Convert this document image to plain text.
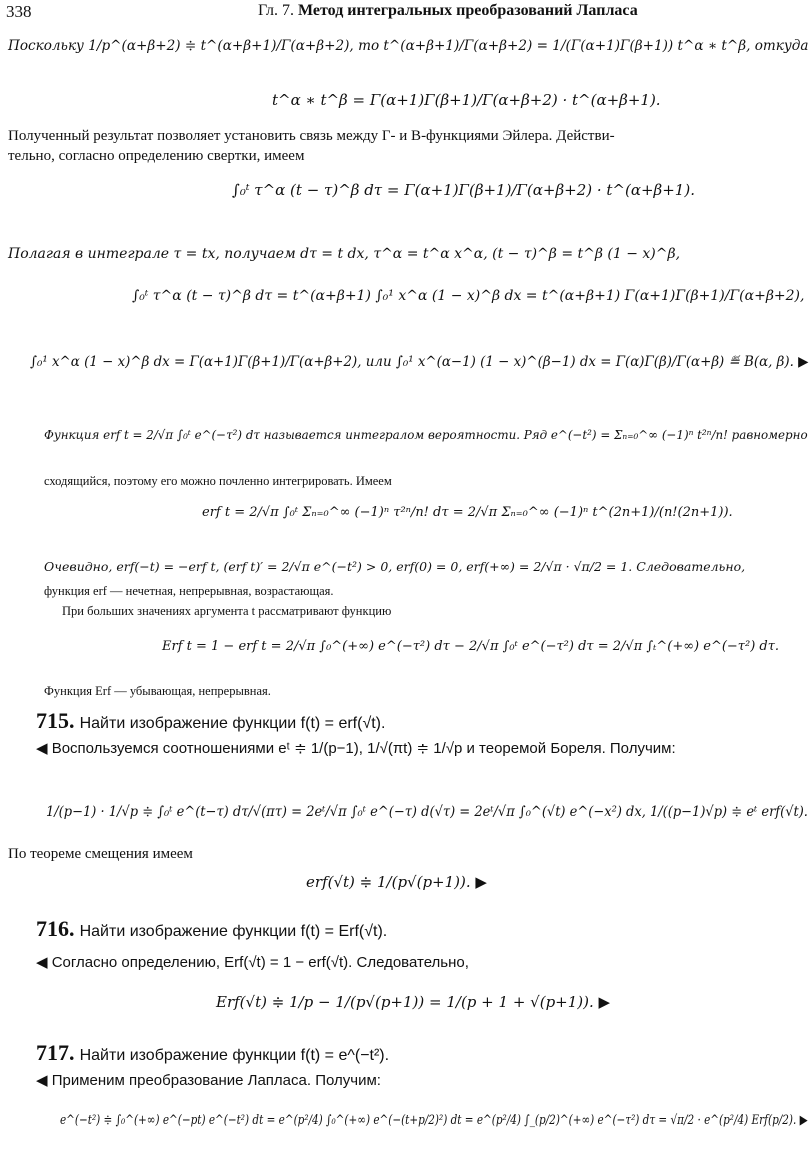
338	Гл. 7. Метод интегральных преобразований Лапласа
Поскольку 1/p^(α+β+2) ≑ t^(α+β+1)/Γ(α+β+2), то t^(α+β+1)/Γ(α+β+2) = 1/(Γ(α+1)Γ(β+1)) t^α ∗ t^β, откуда
t^α ∗ t^β = Γ(α+1)Γ(β+1)/Γ(α+β+2) · t^(α+β+1).
Полученный результат позволяет установить связь между Γ- и B-функциями Эйлера. Действи-
тельно, согласно определению свертки, имеем
∫₀ᵗ τ^α (t − τ)^β dτ = Γ(α+1)Γ(β+1)/Γ(α+β+2) · t^(α+β+1).
Полагая в интеграле τ = tx, получаем dτ = t dx, τ^α = t^α x^α, (t − τ)^β = t^β (1 − x)^β,
∫₀ᵗ τ^α (t − τ)^β dτ = t^(α+β+1) ∫₀¹ x^α (1 − x)^β dx = t^(α+β+1) Γ(α+1)Γ(β+1)/Γ(α+β+2),
∫₀¹ x^α (1 − x)^β dx = Γ(α+1)Γ(β+1)/Γ(α+β+2), или ∫₀¹ x^(α−1) (1 − x)^(β−1) dx = Γ(α)Γ(β)/Γ(α+β) ≝ B(α, β). ▶
Функция erf t = 2/√π ∫₀ᵗ e^(−τ²) dτ называется интегралом вероятности. Ряд e^(−t²) = Σₙ₌₀^∞ (−1)ⁿ t²ⁿ/n! равномерно
сходящийся, поэтому его можно почленно интегрировать. Имеем
erf t = 2/√π ∫₀ᵗ Σₙ₌₀^∞ (−1)ⁿ τ²ⁿ/n! dτ = 2/√π Σₙ₌₀^∞ (−1)ⁿ t^(2n+1)/(n!(2n+1)).
Очевидно, erf(−t) = −erf t, (erf t)′ = 2/√π e^(−t²) > 0, erf(0) = 0, erf(+∞) = 2/√π · √π/2 = 1. Следовательно,
функция erf — нечетная, непрерывная, возрастающая.
При больших значениях аргумента t рассматривают функцию
Erf t = 1 − erf t = 2/√π ∫₀^(+∞) e^(−τ²) dτ − 2/√π ∫₀ᵗ e^(−τ²) dτ = 2/√π ∫ₜ^(+∞) e^(−τ²) dτ.
Функция Erf — убывающая, непрерывная.
715. Найти изображение функции f(t) = erf(√t).
◀ Воспользуемся соотношениями eᵗ ≑ 1/(p−1), 1/√(πt) ≑ 1/√p и теоремой Бореля. Получим:
1/(p−1) · 1/√p ≑ ∫₀ᵗ e^(t−τ) dτ/√(πτ) = 2eᵗ/√π ∫₀ᵗ e^(−τ) d(√τ) = 2eᵗ/√π ∫₀^(√t) e^(−x²) dx, 1/((p−1)√p) ≑ eᵗ erf(√t).
По теореме смещения имеем
erf(√t) ≑ 1/(p√(p+1)). ▶
716. Найти изображение функции f(t) = Erf(√t).
◀ Согласно определению, Erf(√t) = 1 − erf(√t). Следовательно,
Erf(√t) ≑ 1/p − 1/(p√(p+1)) = 1/(p + 1 + √(p+1)). ▶
717. Найти изображение функции f(t) = e^(−t²).
◀ Применим преобразование Лапласа. Получим:
e^(−t²) ≑ ∫₀^(+∞) e^(−pt) e^(−t²) dt = e^(p²/4) ∫₀^(+∞) e^(−(t+p/2)²) dt = e^(p²/4) ∫_(p/2)^(+∞) e^(−τ²) dτ = √π/2 · e^(p²/4) Erf(p/2). ▶
